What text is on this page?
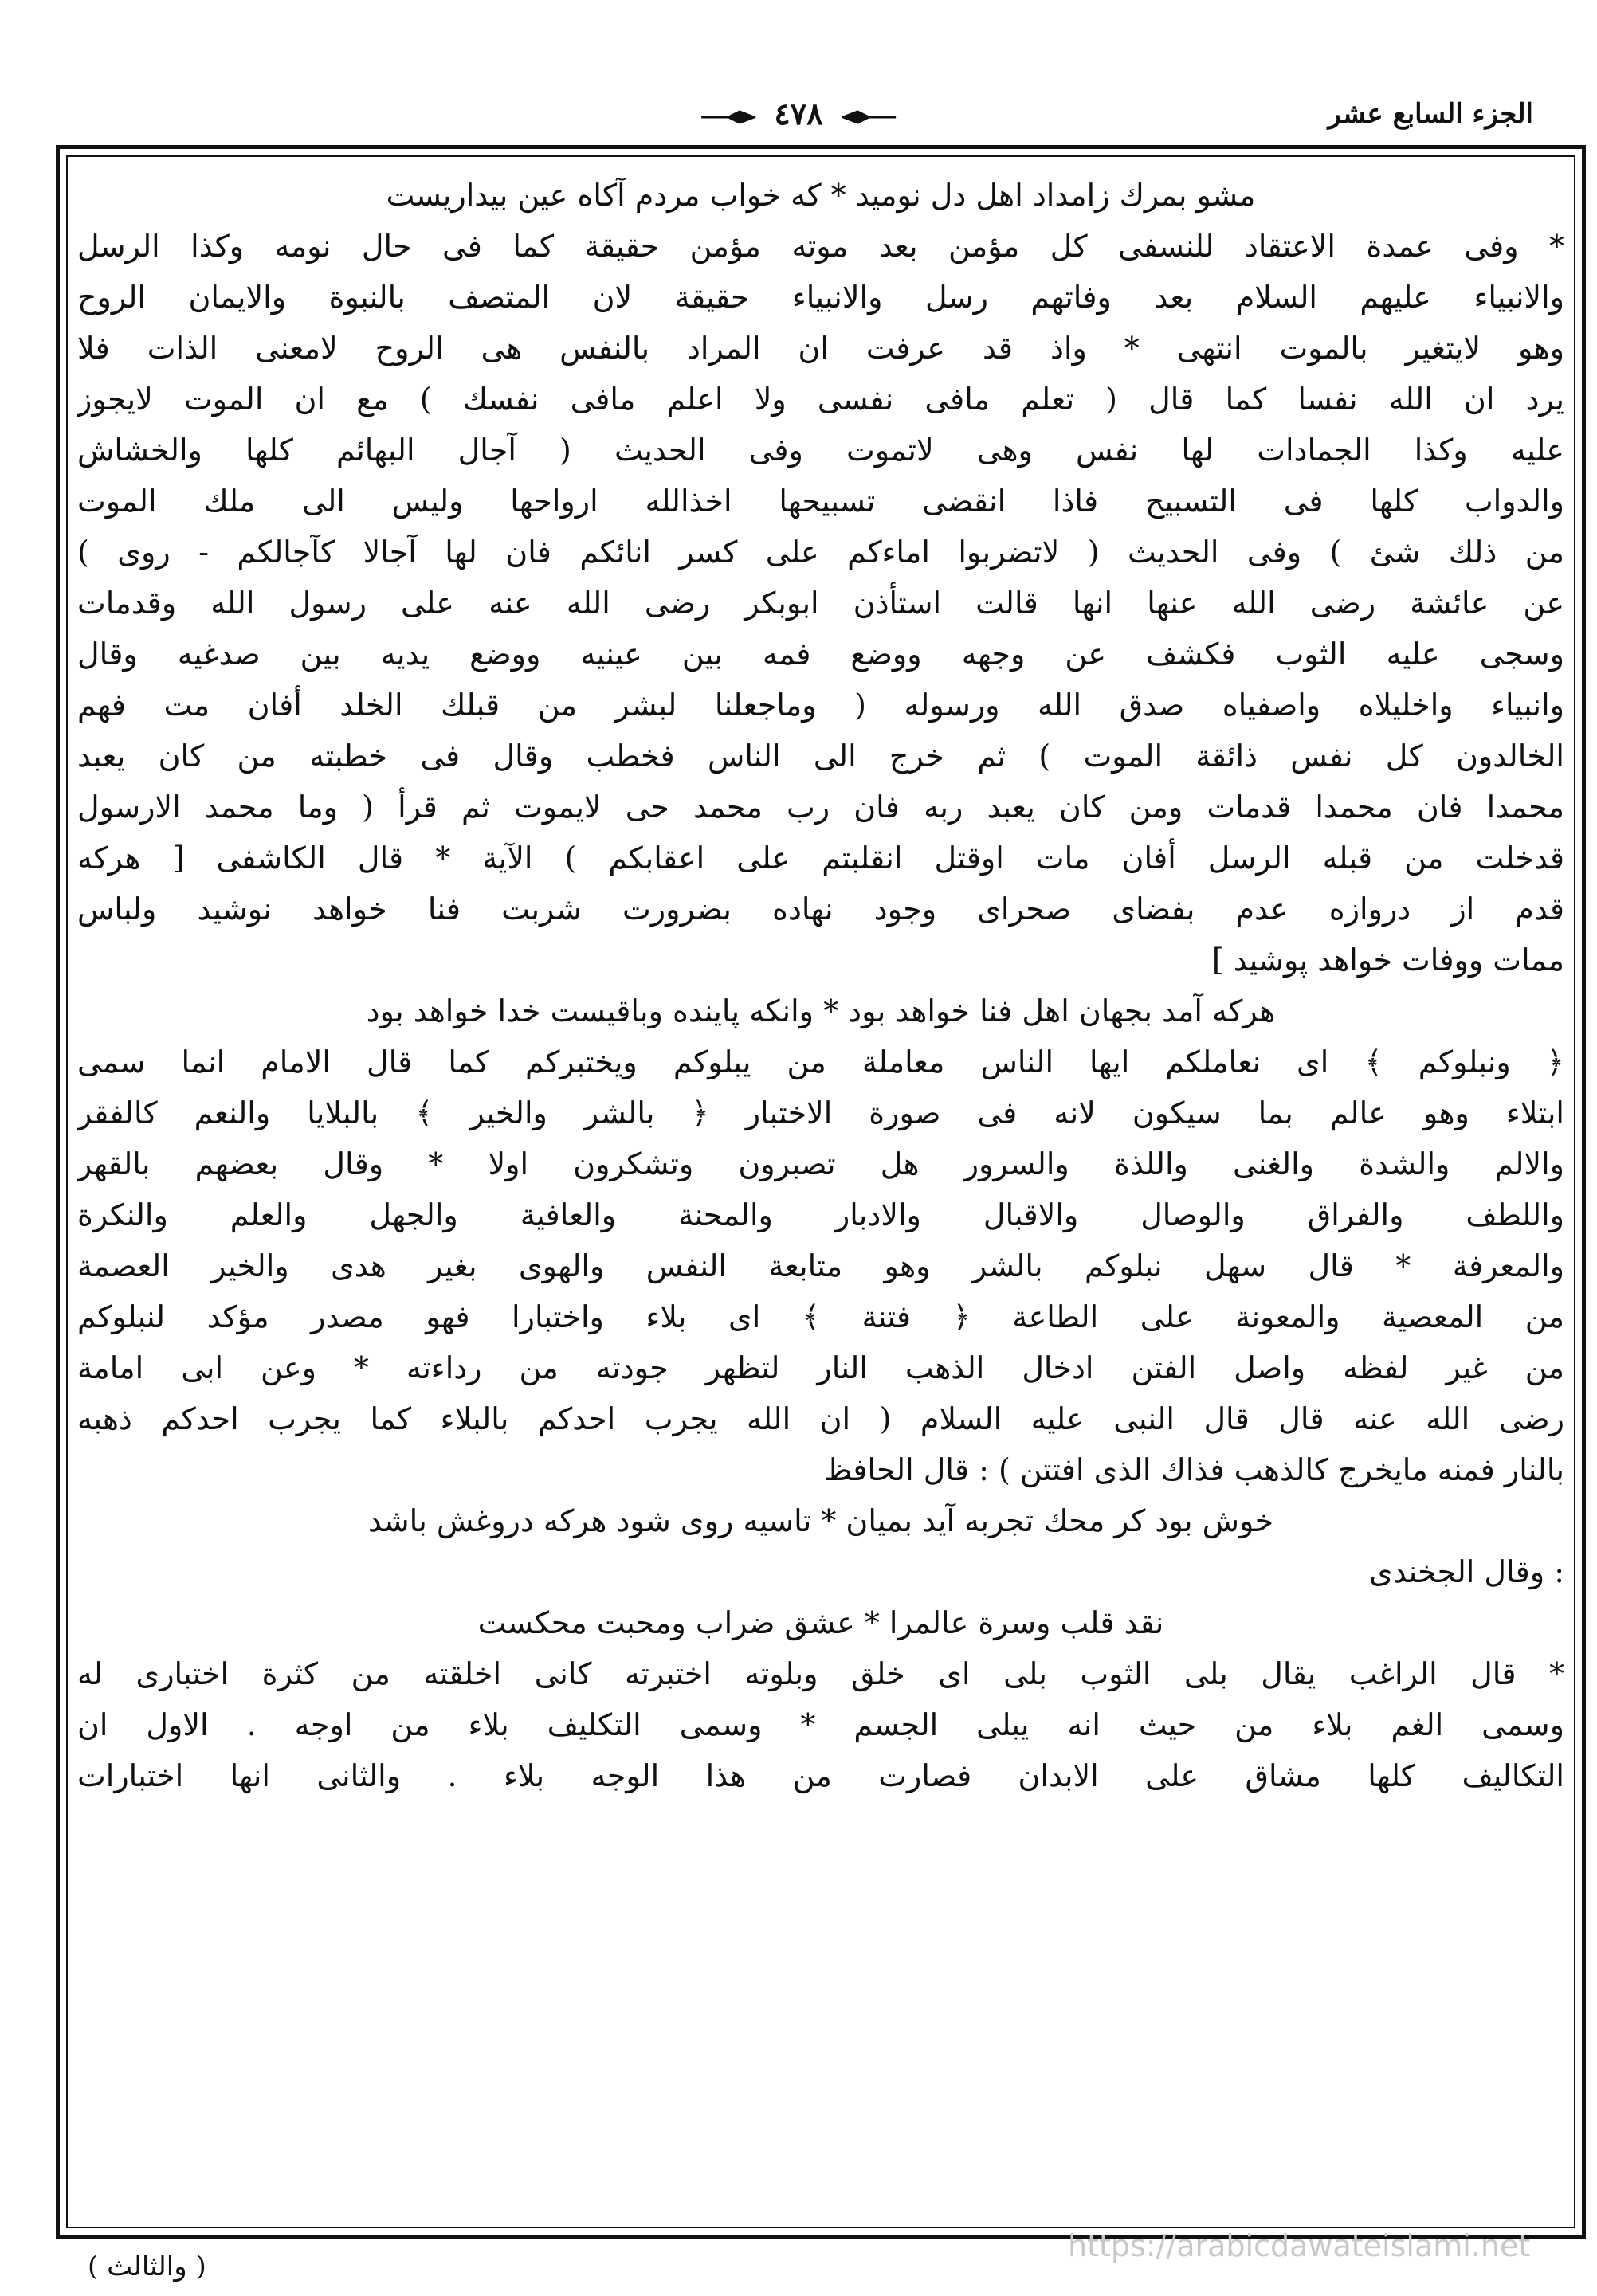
الجزء السابع عشر
٤٧٨
مشو بمرك زامداد اهل دل نومید * كه خواب مردم آكاه عين بيداريست
* وفى عمدة الاعتقاد للنسفى كل مؤمن بعد موته مؤمن حقيقة كما فى حال نومه وكذا الرسل
والانبياء عليهم السلام بعد وفاتهم رسل والانبياء حقيقة لان المتصف بالنبوة والايمان الروح
وهو لايتغير بالموت انتهى * واذ قد عرفت ان المراد بالنفس هى الروح لامعنى الذات فلا
يرد ان الله نفسا كما قال ( تعلم مافى نفسى ولا اعلم مافى نفسك ) مع ان الموت لايجوز
عليه وكذا الجمادات لها نفس وهى لاتموت وفى الحديث ( آجال البهائم كلها والخشاش
والدواب كلها فى التسبيح فاذا انقضى تسبيحها اخذالله ارواحها وليس الى ملك الموت
من ذلك شئ ) وفى الحديث ( لاتضربوا اماءكم على كسر انائكم فان لها آجالا كآجالكم - روى )
عن عائشة رضى الله عنها انها قالت استأذن ابوبكر رضى الله عنه على رسول الله وقدمات
وسجى عليه الثوب فكشف عن وجهه ووضع فمه بين عينيه ووضع يديه بين صدغيه وقال
وانبياء واخليلاه واصفياه صدق الله ورسوله ( وماجعلنا لبشر من قبلك الخلد أفان مت فهم
الخالدون كل نفس ذائقة الموت ) ثم خرج الى الناس فخطب وقال فى خطبته من كان يعبد
محمدا فان محمدا قدمات ومن كان يعبد ربه فان رب محمد حى لايموت ثم قرأ ( وما محمد الارسول
قدخلت من قبله الرسل أفان مات اوقتل انقلبتم على اعقابكم ) الآية * قال الكاشفى [ هركه
قدم از دروازه عدم بفضاى صحراى وجود نهاده بضرورت شربت فنا خواهد نوشيد ولباس
ممات ووفات خواهد پوشيد ]
هركه آمد بجهان اهل فنا خواهد بود * وانكه پاينده وباقيست خدا خواهد بود
﴿ ونبلوكم ﴾ اى نعاملكم ايها الناس معاملة من يبلوكم ويختبركم كما قال الامام انما سمى
ابتلاء وهو عالم بما سيكون لانه فى صورة الاختبار ﴿ بالشر والخير ﴾ بالبلايا والنعم كالفقر
والالم والشدة والغنى واللذة والسرور هل تصبرون وتشكرون اولا * وقال بعضهم بالقهر
واللطف والفراق والوصال والاقبال والادبار والمحنة والعافية والجهل والعلم والنكرة
والمعرفة * قال سهل نبلوكم بالشر وهو متابعة النفس والهوى بغير هدى والخير العصمة
من المعصية والمعونة على الطاعة ﴿ فتنة ﴾ اى بلاء واختبارا فهو مصدر مؤكد لنبلوكم
من غير لفظه واصل الفتن ادخال الذهب النار لتظهر جودته من رداءته * وعن ابى امامة
رضى الله عنه قال قال النبى عليه السلام ( ان الله يجرب احدكم بالبلاء كما يجرب احدكم ذهبه
بالنار فمنه مايخرج كالذهب فذاك الذى افتتن ) : قال الحافظ
خوش بود كر محك تجربه آيد بميان * تاسيه روى شود هركه دروغش باشد
: وقال الجخندى
نقد قلب وسرة عالمرا * عشق ضراب ومحبت محكست
* قال الراغب يقال بلى الثوب بلى اى خلق وبلوته اختبرته كانى اخلقته من كثرة اختبارى له
وسمى الغم بلاء من حيث انه يبلى الجسم * وسمى التكليف بلاء من اوجه . الاول ان
التكاليف كلها مشاق على الابدان فصارت من هذا الوجه بلاء . والثانى انها اختبارات
https://arabicdawateislami.net
( والثالث )
